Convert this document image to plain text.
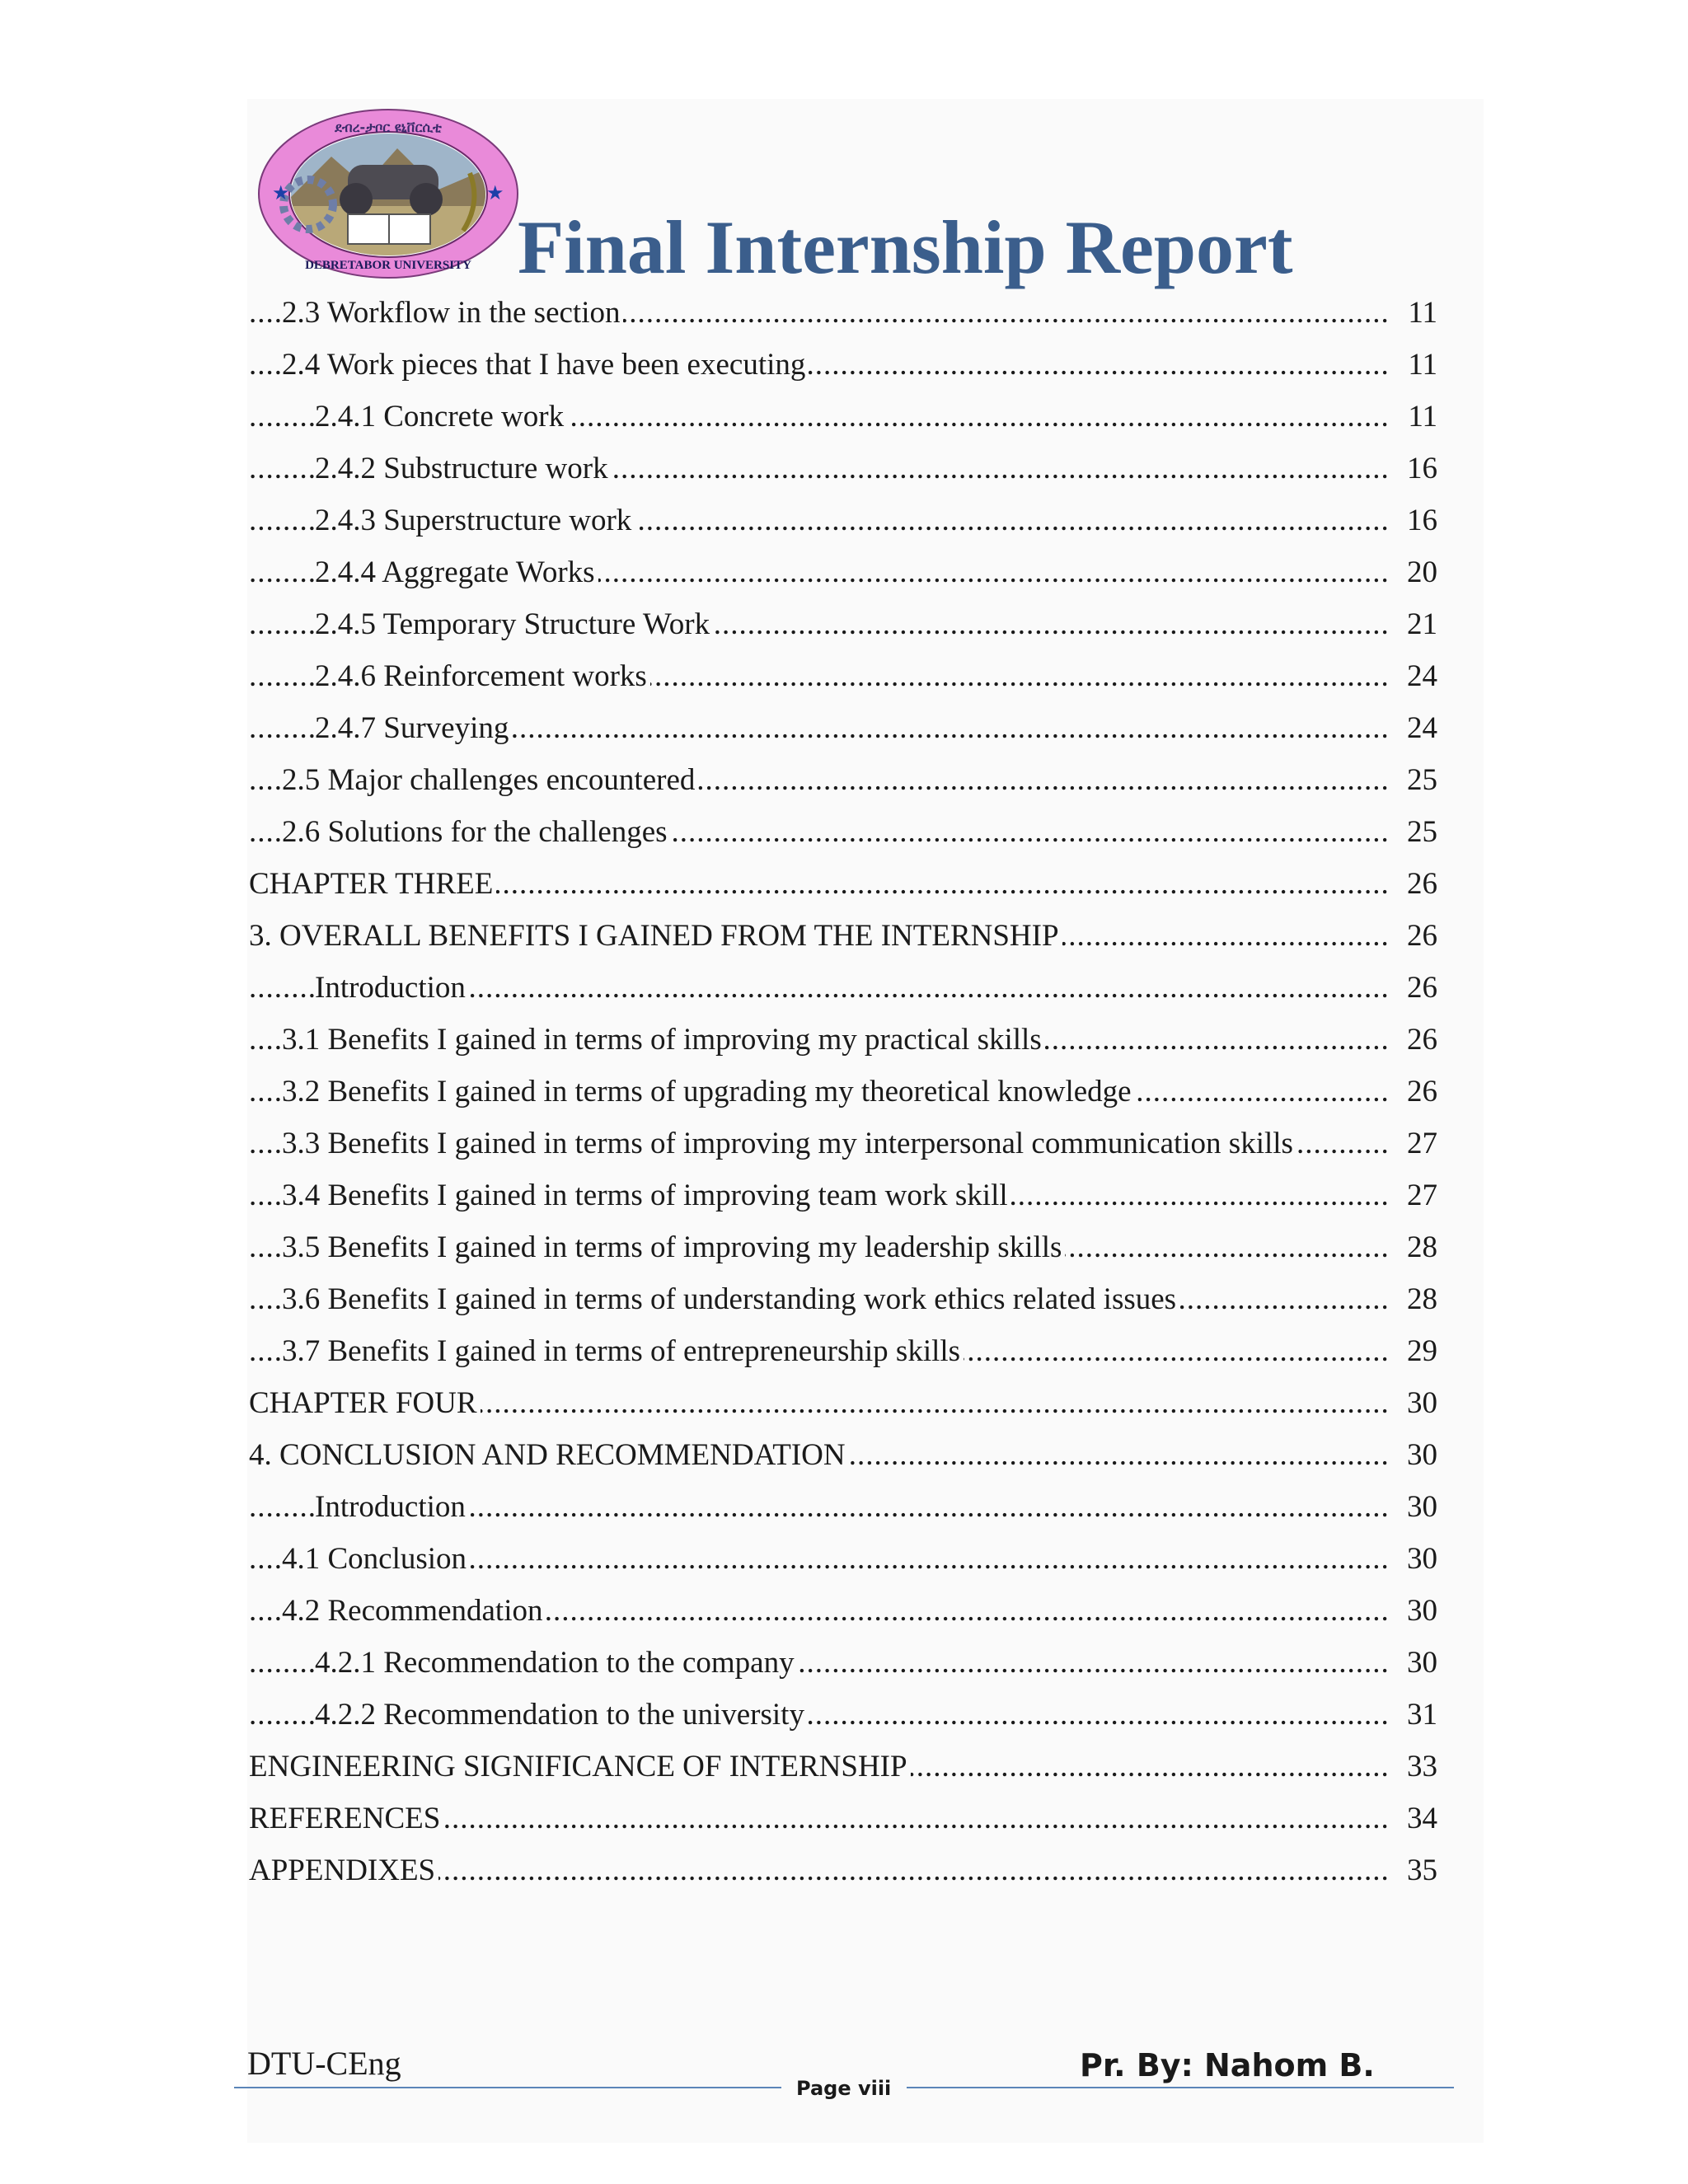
★	★
ደብረ-ታቦር ዩኒቨርሲቲ
DEBRETABOR UNIVERSITY Final Internship Report
.....
2.3 Workflow in the section	11
.....
2.4 Work pieces that I have been executing	11
.....
2.4.1 Concrete work	11
.....
2.4.2 Substructure work	16
.....
2.4.3 Superstructure work	16
.....
2.4.4 Aggregate Works	20
.....
2.4.5 Temporary Structure Work	21
.....
2.4.6 Reinforcement works	24
.....
2.4.7 Surveying	24
.....
2.5 Major challenges encountered	25
.....
2.6 Solutions for the challenges	25
.....
CHAPTER THREE	26
.....
3. OVERALL BENEFITS I GAINED FROM THE INTERNSHIP	26
.....
Introduction	26
.....
3.1 Benefits I gained in terms of improving my practical skills	26
.....
3.2 Benefits I gained in terms of upgrading my theoretical knowledge	26
.....
3.3 Benefits I gained in terms of improving my interpersonal communication skills	27
.....
3.4 Benefits I gained in terms of improving team work skill	27
.....
3.5 Benefits I gained in terms of improving my leadership skills	28
.....
3.6 Benefits I gained in terms of understanding work ethics related issues	28
.....
3.7 Benefits I gained in terms of entrepreneurship skills	29
.....
CHAPTER FOUR	30
.....
4. CONCLUSION AND RECOMMENDATION	30
.....
Introduction	30
.....
4.1 Conclusion	30
.....
4.2 Recommendation	30
.....
4.2.1 Recommendation to the company	30
.....
4.2.2 Recommendation to the university	31
.....
ENGINEERING SIGNIFICANCE OF INTERNSHIP	33
.....
REFERENCES	34
.....
APPENDIXES	35
DTU-CEng
Page viii
Pr. By: Nahom B.
